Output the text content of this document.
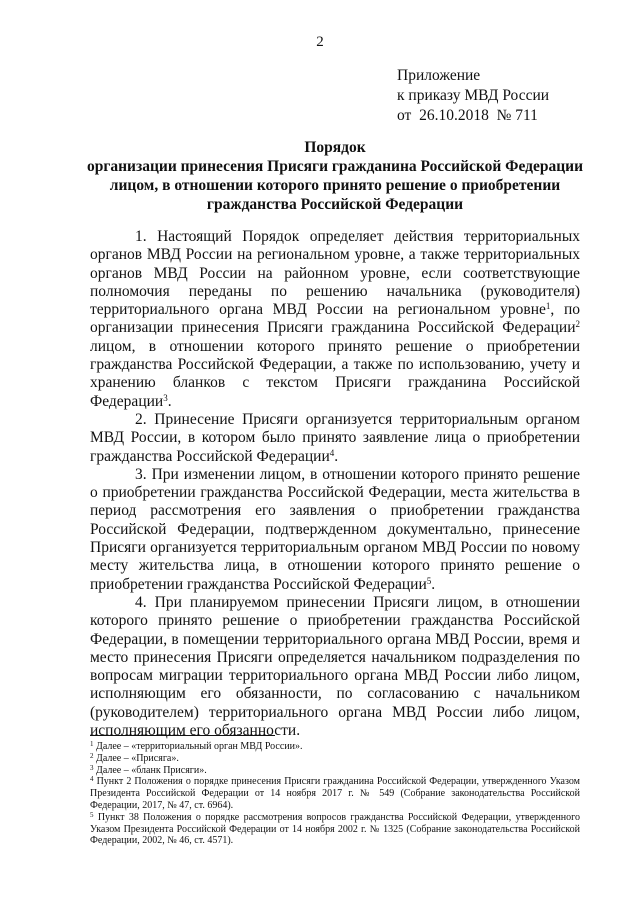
2
Приложение
к приказу МВД России
от  26.10.2018  № 711
Порядок
организации принесения Присяги гражданина Российской Федерации
лицом, в отношении которого принято решение о приобретении
гражданства Российской Федерации

1. Настоящий Порядок определяет действия территориальных органов МВД России на региональном уровне, а также территориальных органов МВД России на районном уровне, если соответствующие полномочия переданы по решению начальника (руководителя) территориального органа МВД России на региональном уровне$^1$, по организации принесения Присяги гражданина Российской Федерации$^2$ лицом, в отношении которого принято решение о приобретении гражданства Российской Федерации, а также по использованию, учету и хранению бланков с текстом Присяги гражданина Российской Федерации$^3$.

2. Принесение Присяги организуется территориальным органом МВД России, в котором было принято заявление лица о приобретении гражданства Российской Федерации$^4$.

3. При изменении лицом, в отношении которого принято решение о приобретении гражданства Российской Федерации, места жительства в период рассмотрения его заявления о приобретении гражданства Российской Федерации, подтвержденном документально, принесение Присяги организуется территориальным органом МВД России по новому месту жительства лица, в отношении которого принято решение о приобретении гражданства Российской Федерации$^5$.

4. При планируемом принесении Присяги лицом, в отношении которого принято решение о приобретении гражданства Российской Федерации, в помещении территориального органа МВД России, время и место принесения Присяги определяется начальником подразделения по вопросам миграции территориального органа МВД России либо лицом, исполняющим его обязанности, по согласованию с начальником (руководителем) территориального органа МВД России либо лицом, исполняющим его обязанности.

$^1$ Далее – «территориальный орган МВД России».

$^2$ Далее – «Присяга».

$^3$ Далее – «бланк Присяги».

$^4$ Пункт 2 Положения о порядке принесения Присяги гражданина Российской Федерации, утвержденного Указом Президента Российской Федерации от 14 ноября 2017 г. № 549 (Собрание законодательства Российской Федерации, 2017, № 47, ст. 6964).

$^5$ Пункт 38 Положения о порядке рассмотрения вопросов гражданства Российской Федерации, утвержденного Указом Президента Российской Федерации от 14 ноября 2002 г. № 1325 (Собрание законодательства Российской Федерации, 2002, № 46, ст. 4571).
